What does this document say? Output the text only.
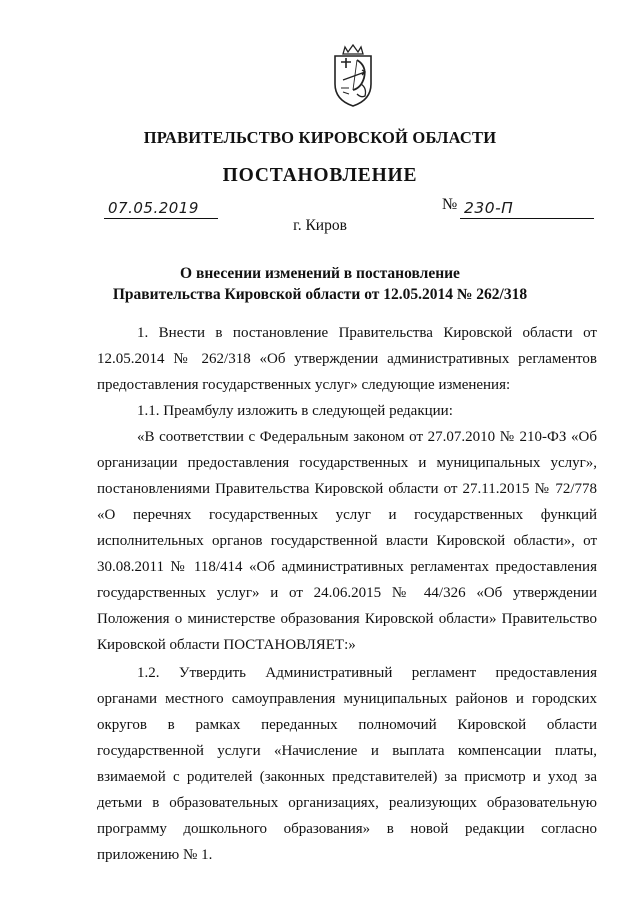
ПРАВИТЕЛЬСТВО КИРОВСКОЙ ОБЛАСТИ
ПОСТАНОВЛЕНИЕ
07.05.2019	№ 230-П
г. Киров
О внесении изменений в постановление
Правительства Кировской области от 12.05.2014 № 262/318

1. Внести в постановление Правительства Кировской области от 12.05.2014 № 262/318 «Об утверждении административных регламентов предоставления государственных услуг» следующие изменения:

1.1. Преамбулу изложить в следующей редакции:

«В соответствии с Федеральным законом от 27.07.2010 № 210-ФЗ «Об организации предоставления государственных и муниципальных услуг», постановлениями Правительства Кировской области от 27.11.2015 № 72/778 «О перечнях государственных услуг и государственных функций исполнительных органов государственной власти Кировской области», от 30.08.2011 № 118/414 «Об административных регламентах предоставления государственных услуг» и от 24.06.2015 № 44/326 «Об утверждении Положения о министерстве образования Кировской области» Правительство Кировской области ПОСТАНОВЛЯЕТ:»

1.2. Утвердить Административный регламент предоставления органами местного самоуправления муниципальных районов и городских округов в рамках переданных полномочий Кировской области государственной услуги «Начисление и выплата компенсации платы, взимаемой с родителей (законных представителей) за присмотр и уход за детьми в образовательных организациях, реализующих образовательную программу дошкольного образования» в новой редакции согласно приложению № 1.
